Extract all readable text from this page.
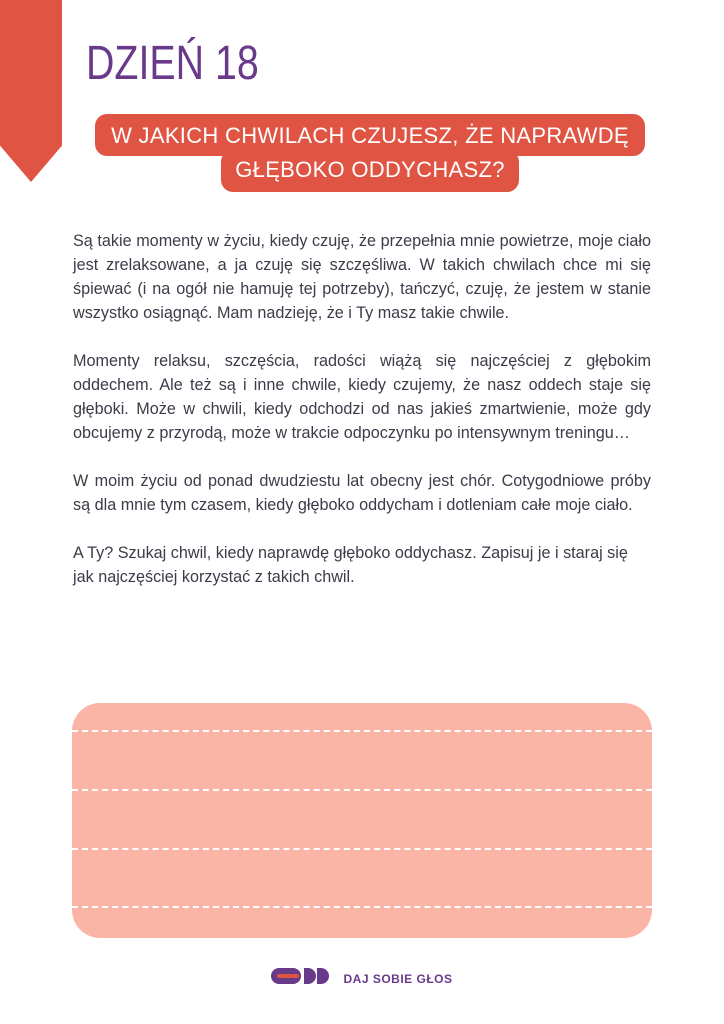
DZIEŃ 18
W JAKICH CHWILACH CZUJESZ, ŻE NAPRAWDĘ
GŁĘBOKO ODDYCHASZ?

Są takie momenty w życiu, kiedy czuję, że przepełnia mnie powietrze, moje ciało jest zrelaksowane, a ja czuję się szczęśliwa. W takich chwilach chce mi się śpiewać (i na ogół nie hamuję tej potrzeby), tańczyć, czuję, że jestem w stanie wszystko osiągnąć. Mam nadzieję, że i Ty masz takie chwile.

Momenty relaksu, szczęścia, radości wiążą się najczęściej z głębokim oddechem. Ale też są i inne chwile, kiedy czujemy, że nasz oddech staje się głęboki. Może w chwili, kiedy odchodzi od nas jakieś zmartwienie, może gdy obcujemy z przyrodą, może w trakcie odpoczynku po intensywnym treningu…

W moim życiu od ponad dwudziestu lat obecny jest chór. Cotygodniowe próby są dla mnie tym czasem, kiedy głęboko oddycham i dotleniam całe moje ciało.

A Ty? Szukaj chwil, kiedy naprawdę głęboko oddychasz. Zapisuj je i staraj się jak najczęściej korzystać z takich chwil.

DAJ SOBIE GŁOS
